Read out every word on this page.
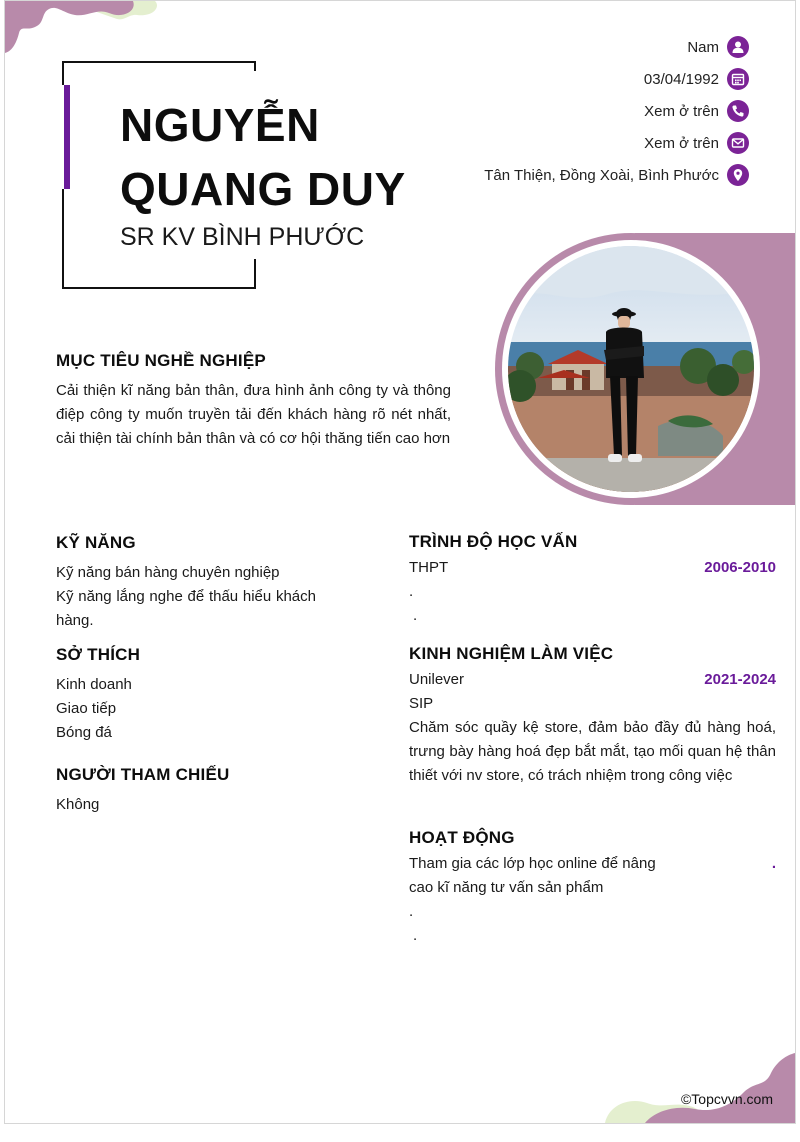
NGUYỄN
QUANG DUY
SR KV BÌNH PHƯỚC
Nam
03/04/1992
Xem ở trên
Xem ở trên
Tân Thiện, Đồng Xoài, Bình Phước
MỤC TIÊU NGHỀ NGHIỆP
Cải thiện kĩ năng bản thân, đưa hình ảnh công ty và thông điệp công ty muốn truyền tải đến khách hàng rõ nét nhất, cải thiện tài chính bản thân và có cơ hội thăng tiến cao hơn
KỸ NĂNG
Kỹ năng bán hàng chuyên nghiệp
Kỹ năng lắng nghe để thấu hiểu khách hàng.
SỞ THÍCH
Kinh doanh
Giao tiếp
Bóng đá
NGƯỜI THAM CHIẾU
Không
TRÌNH ĐỘ HỌC VẤN
THPT	2006-2010
.
.
KINH NGHIỆM LÀM VIỆC
Unilever	2021-2024
SIP
Chăm sóc quầy kệ store, đảm bảo đầy đủ hàng hoá, trưng bày hàng hoá đẹp bắt mắt, tạo mối quan hệ thân thiết với nv store, có trách nhiệm trong công việc
HOẠT ĐỘNG
Tham gia các lớp học online để nâng cao kĩ năng tư vấn sản phẩm
.
.
.
©Topcvvn.com
